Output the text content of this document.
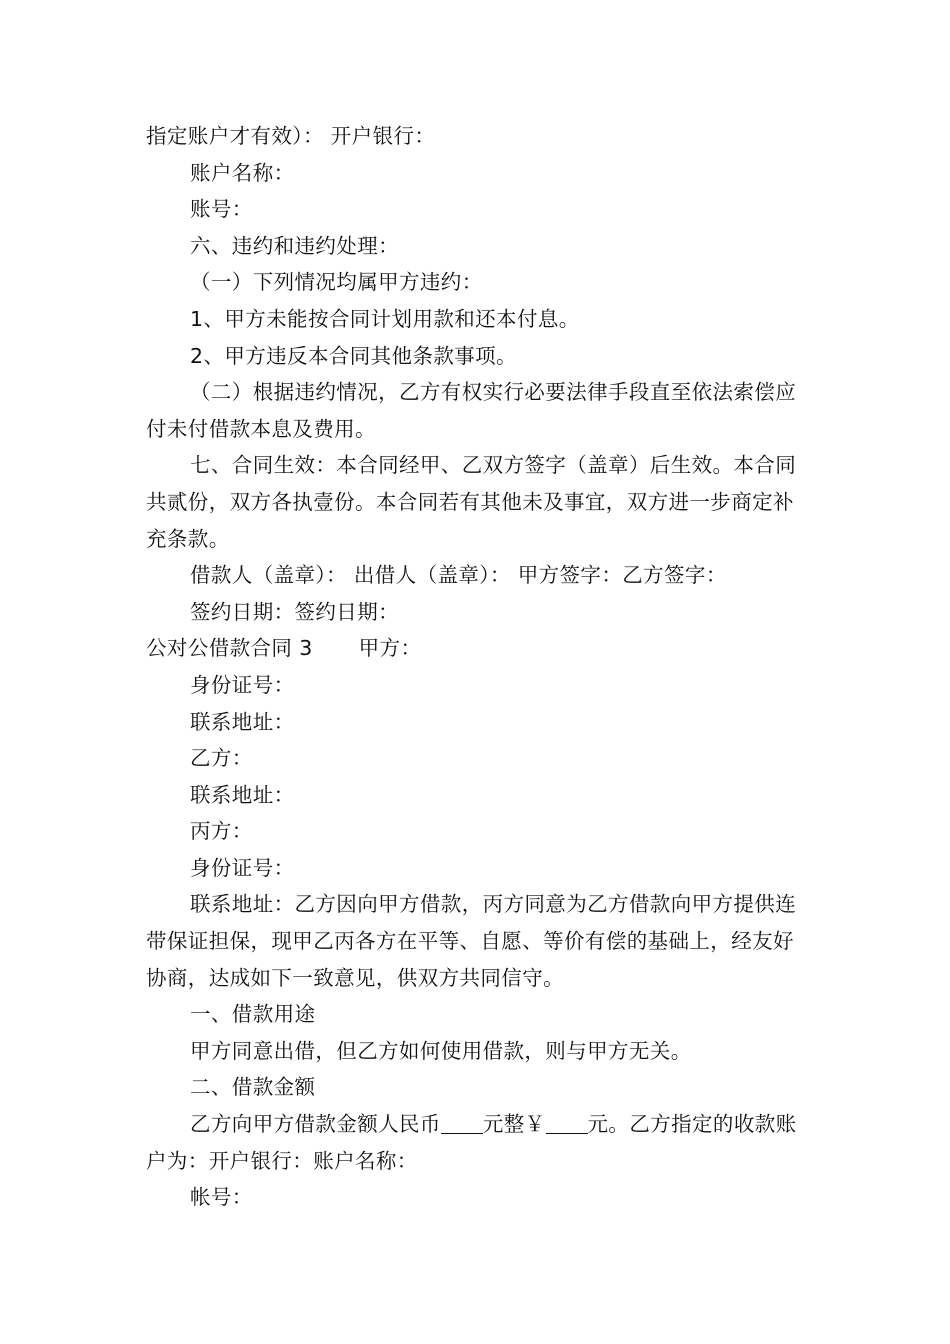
指定账户才有效）： 开户银行：

账户名称：

账号：

六、违约和违约处理：

（一）下列情况均属甲方违约：

1、甲方未能按合同计划用款和还本付息。

2、甲方违反本合同其他条款事项。

（二）根据违约情况，乙方有权实行必要法律手段直至依法索偿应付未付借款本息及费用。

七、合同生效：本合同经甲、乙双方签字（盖章）后生效。本合同共贰份，双方各执壹份。本合同若有其他未及事宜，双方进一步商定补充条款。

借款人（盖章）： 出借人（盖章）： 甲方签字：乙方签字：

签约日期：签约日期：

公对公借款合同 3 甲方：

身份证号：

联系地址：

乙方：

联系地址：

丙方：

身份证号：

联系地址：乙方因向甲方借款，丙方同意为乙方借款向甲方提供连带保证担保，现甲乙丙各方在平等、自愿、等价有偿的基础上，经友好协商，达成如下一致意见，供双方共同信守。

一、借款用途

甲方同意出借，但乙方如何使用借款，则与甲方无关。

二、借款金额

乙方向甲方借款金额人民币 元整￥ 元。乙方指定的收款账户为：开户银行：账户名称：

帐号：
